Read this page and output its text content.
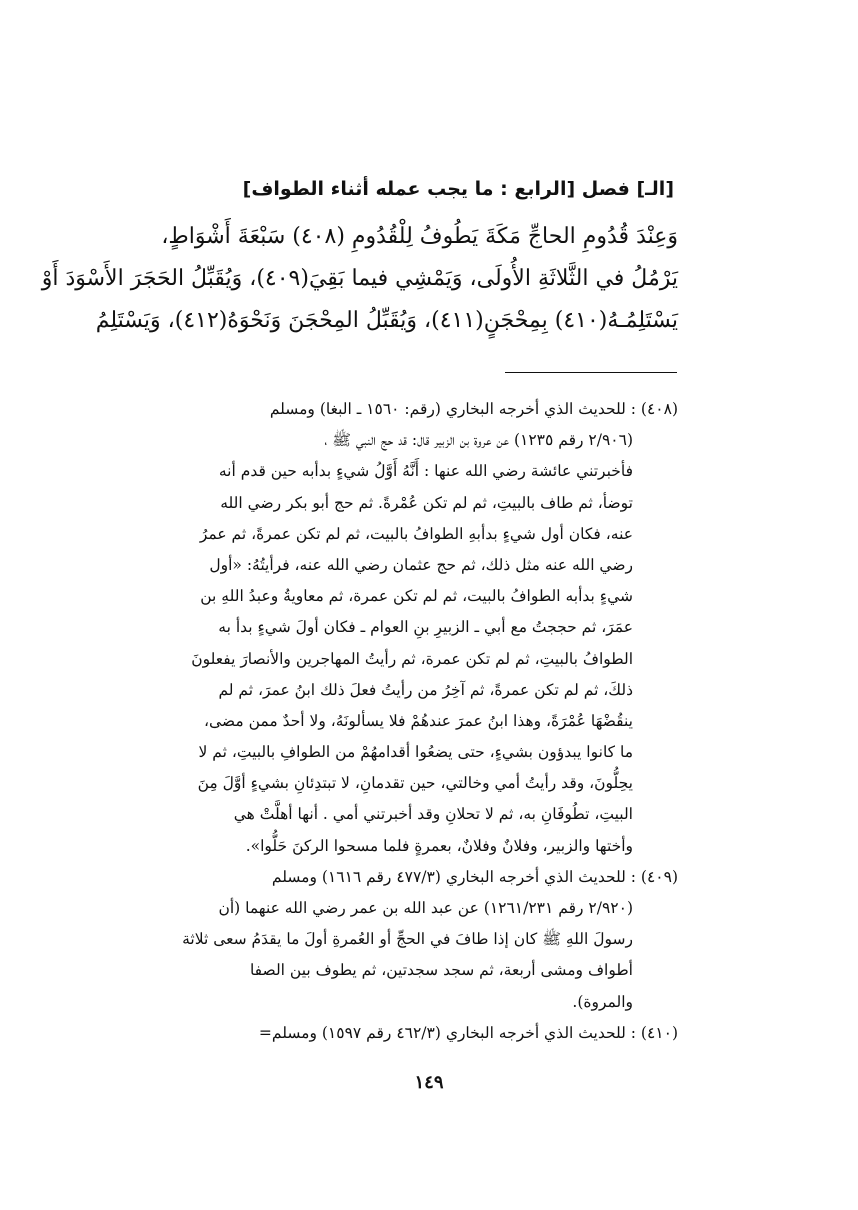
[الـ] فصل [الرابع : ما يجب عمله أثناء الطواف]
وَعِنْدَ قُدُومِ الحاجِّ مَكَةَ يَطُوفُ لِلْقُدُومِ (٤٠٨) سَبْعَةَ أَشْوَاطٍ،
يَرْمُلُ في الثَّلاثَةِ الأُولَى، وَيَمْشِي فيما بَقِيَ(٤٠٩)، وَيُقَبِّلُ الحَجَرَ الأَسْوَدَ أَوْ
يَسْتَلِمُـهُ(٤١٠) بِمِحْجَنٍ(٤١١)، وَيُقَبِّلُ المِحْجَنَ وَنَحْوَهُ(٤١٢)، وَيَسْتَلِمُ
(٤٠٨) : للحديث الذي أخرجه البخاري (رقم: ١٥٦٠ ـ البغا) ومسلم
(٢/٩٠٦ رقم ١٢٣٥) عن عروة بن الزبير قال: قد حج النبي ﷺ ،
فأخبرتني عائشة رضي الله عنها : أَنَّهُ أَوَّلُ شيءٍ بدأبه حين قدم أنه
توضأ، ثم طاف بالبيتِ، ثم لم تكن عُمْرةً. ثم حج أبو بكر رضي الله
عنه، فكان أول شيءٍ بدأبهِ الطوافُ بالبيت، ثم لم تكن عمرةً، ثم عمرُ
رضي الله عنه مثل ذلك، ثم حج عثمان رضي الله عنه، فرأيتُهُ: «أول
شيءٍ بدأبه الطوافُ بالبيت، ثم لم تكن عمرة، ثم معاويةُ وعبدُ اللهِ بن
عمَرَ، ثم حججتُ مع أبي ـ الزبيرِ بنِ العوام ـ فكان أولَ شيءٍ بدأ به
الطوافُ بالبيتِ، ثم لم تكن عمرة، ثم رأيتُ المهاجرين والأنصارَ يفعلونَ
ذلكَ، ثم لم تكن عمرةً، ثم آخِرُ من رأيتُ فعلَ ذلك ابنُ عمرَ، ثم لم
ينقُضْهَا عُمْرَةً، وهذا ابنُ عمرَ عندهُمْ فلا يسألونَهُ، ولا أحدٌ ممن مضى،
ما كانوا يبدؤون بشيءٍ، حتى يضعُوا أقدامهُمْ من الطوافِ بالبيتِ، ثم لا
يحِلُّونَ، وقد رأيتُ أمي وخالتي، حين تقدمانِ، لا تبتدِئانِ بشيءٍ أوَّلَ مِنَ
البيتِ، تطُوفَانِ به، ثم لا تحلانِ وقد أخبرتني أمي . أنها أهلَّتْ هي
وأختها والزبير، وفلانٌ وفلانٌ، بعمرةٍ فلما مسحوا الركنَ حَلُّوا».
(٤٠٩) : للحديث الذي أخرجه البخاري (٤٧٧/٣ رقم ١٦١٦) ومسلم
(٢/٩٢٠ رقم ١٢٦١/٢٣١) عن عبد الله بن عمر رضي الله عنهما (أن
رسولَ اللهِ ﷺ كان إذا طافَ في الحجِّ أو العُمرةِ أولَ ما يقدَمُ سعى ثلاثة
أطواف ومشى أربعة، ثم سجد سجدتين، ثم يطوف بين الصفا
والمروة).
(٤١٠) : للحديث الذي أخرجه البخاري (٤٦٢/٣ رقم ١٥٩٧) ومسلم=
١٤٩
